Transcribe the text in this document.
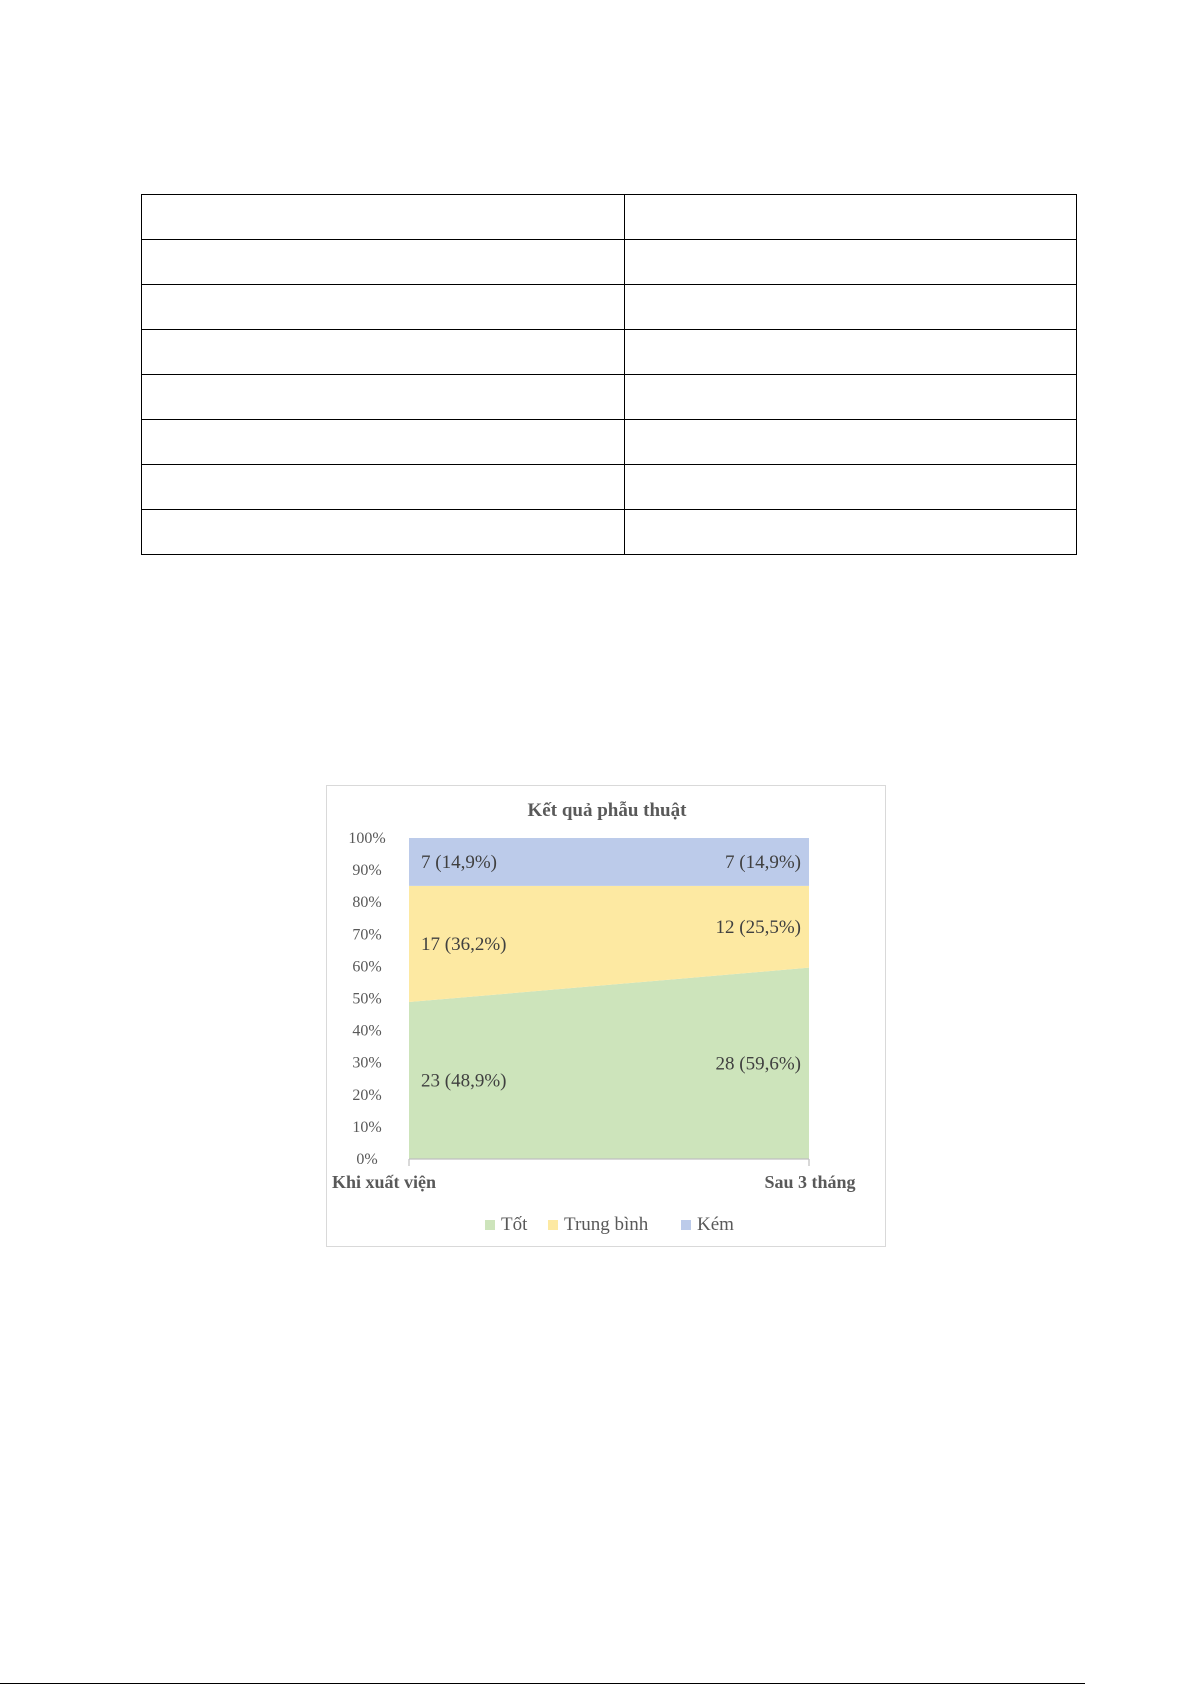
Kết quả phẫu thuật
0%
10%
20%
30%
40%
50%
60%
70%
80%
90%
100%
Khi xuất viện	Sau 3 tháng
23 (48,9%)
28 (59,6%)
17 (36,2%)
12 (25,5%)
7 (14,9%)	7 (14,9%)
Tốt Trung bình	Kém
